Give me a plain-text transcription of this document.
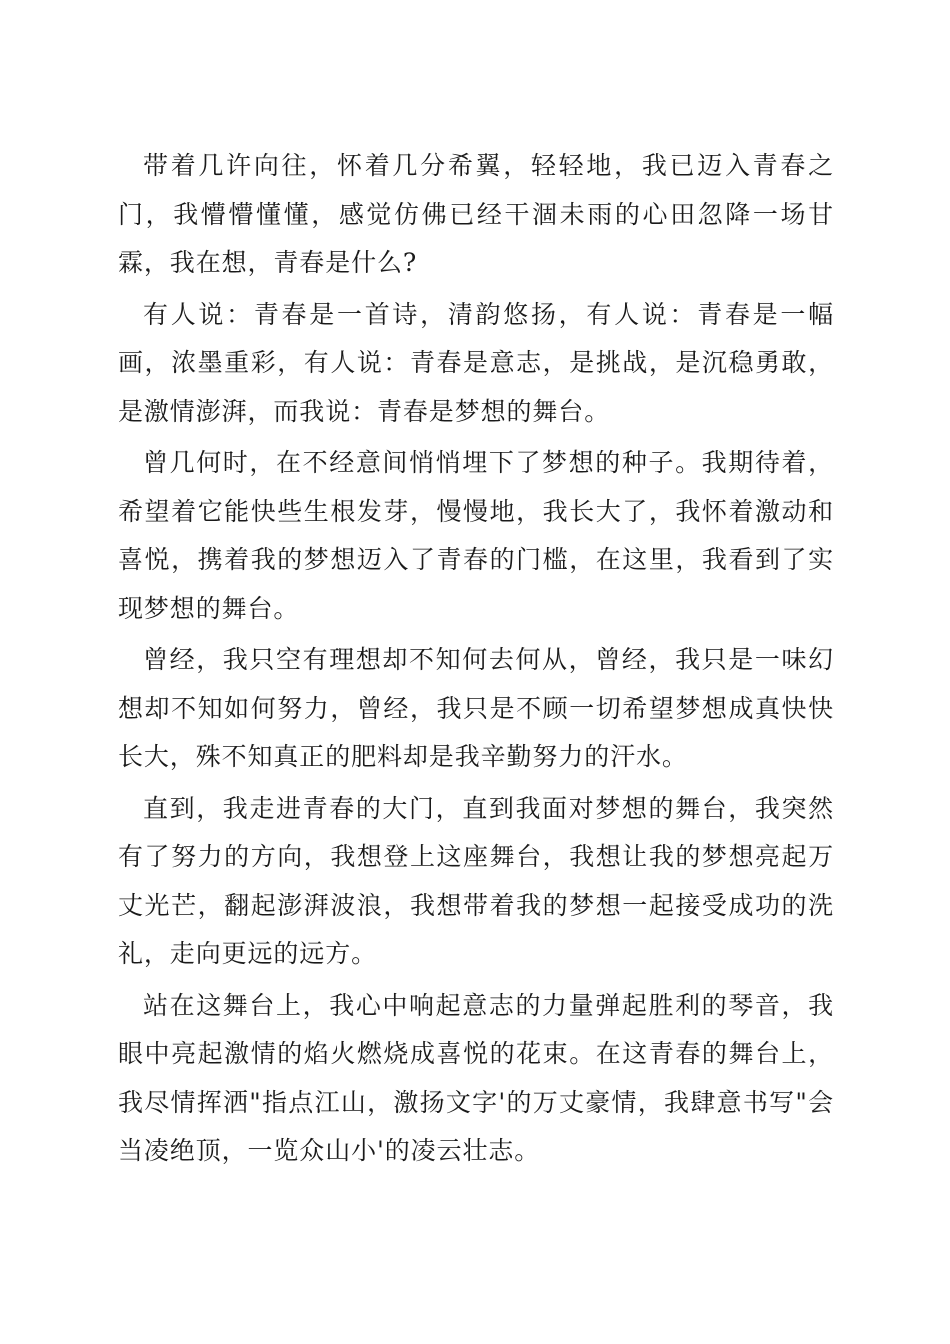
带着几许向往，怀着几分希翼，轻轻地，我已迈入青春之门，我懵懵懂懂，感觉仿佛已经干涸未雨的心田忽降一场甘霖，我在想，青春是什么?

有人说：青春是一首诗，清韵悠扬，有人说：青春是一幅画，浓墨重彩，有人说：青春是意志，是挑战，是沉稳勇敢，是激情澎湃，而我说：青春是梦想的舞台。

曾几何时，在不经意间悄悄埋下了梦想的种子。我期待着，希望着它能快些生根发芽，慢慢地，我长大了，我怀着激动和喜悦，携着我的梦想迈入了青春的门槛，在这里，我看到了实现梦想的舞台。

曾经，我只空有理想却不知何去何从，曾经，我只是一味幻想却不知如何努力，曾经，我只是不顾一切希望梦想成真快快长大，殊不知真正的肥料却是我辛勤努力的汗水。

直到，我走进青春的大门，直到我面对梦想的舞台，我突然有了努力的方向，我想登上这座舞台，我想让我的梦想亮起万丈光芒，翻起澎湃波浪，我想带着我的梦想一起接受成功的洗礼，走向更远的远方。

站在这舞台上，我心中响起意志的力量弹起胜利的琴音，我眼中亮起激情的焰火燃烧成喜悦的花束。在这青春的舞台上，我尽情挥洒"指点江山，激扬文字'的万丈豪情，我肆意书写"会当凌绝顶，一览众山小'的凌云壮志。
